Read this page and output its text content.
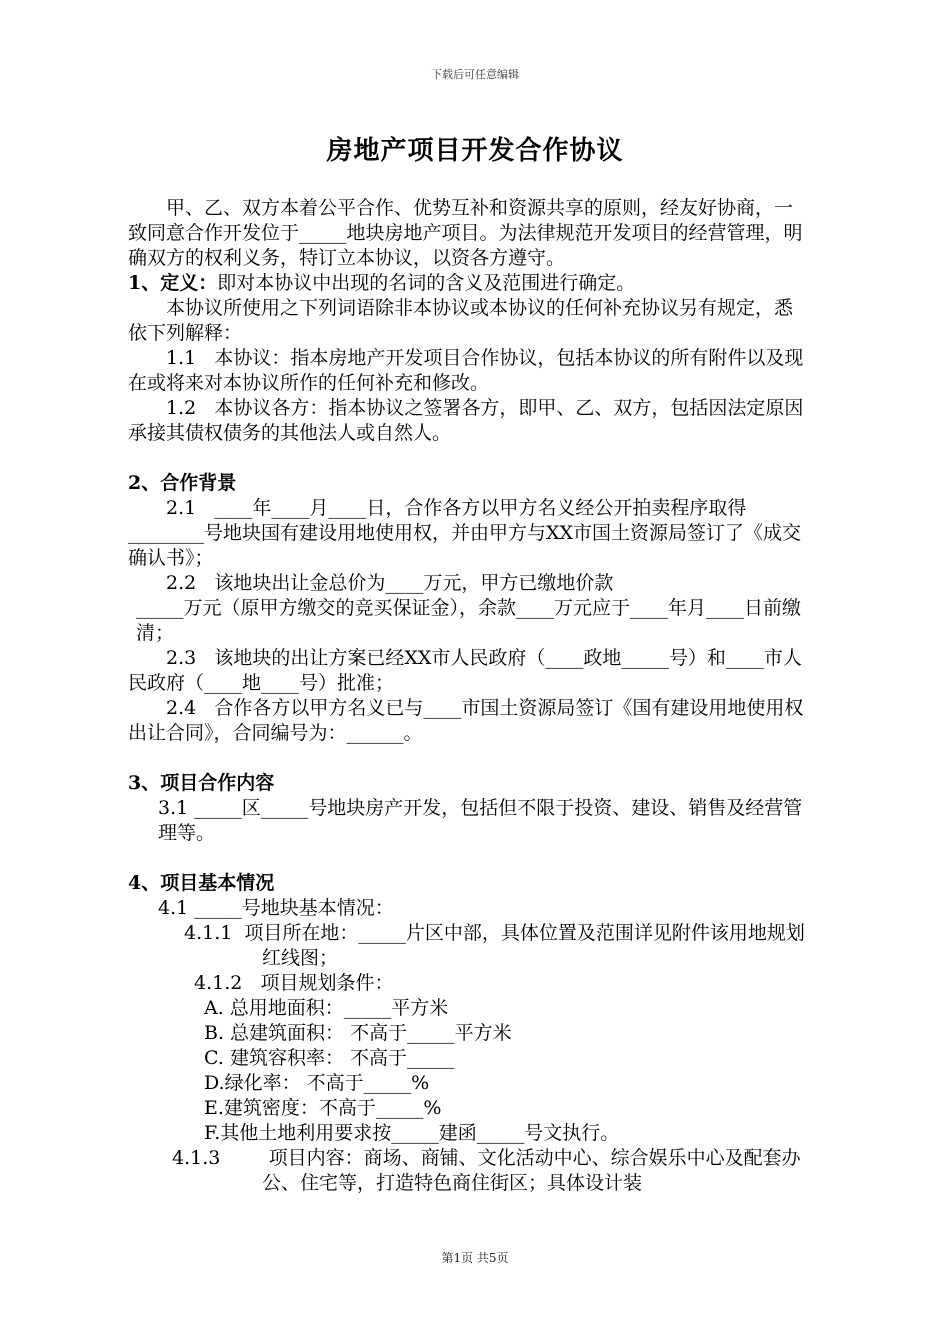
下载后可任意编辑
房地产项目开发合作协议

甲、乙、双方本着公平合作、优势互补和资源共享的原则，经友好协商，一致同意合作开发位于_____地块房地产项目。为法律规范开发项目的经营管理，明确双方的权利义务，特订立本协议，以资各方遵守。

1、定义：即对本协议中出现的名词的含义及范围进行确定。

本协议所使用之下列词语除非本协议或本协议的任何补充协议另有规定，悉依下列解释：

1.1   本协议：指本房地产开发项目合作协议，包括本协议的所有附件以及现在或将来对本协议所作的任何补充和修改。

1.2   本协议各方：指本协议之签署各方，即甲、乙、双方，包括因法定原因承接其债权债务的其他法人或自然人。

2、合作背景

2.1   ____年____月____日，合作各方以甲方名义经公开拍卖程序取得 ________号地块国有建设用地使用权，并由甲方与XX市国土资源局签订了《成交确认书》；

2.2   该地块出让金总价为____万元，甲方已缴地价款

_____万元（原甲方缴交的竞买保证金），余款____万元应于____年月____日前缴清；

2.3   该地块的出让方案已经XX市人民政府（____政地_____号）和____市人民政府（____地____号）批准；

2.4   合作各方以甲方名义已与____市国土资源局签订《国有建设用地使用权出让合同》，合同编号为：______。

3、项目合作内容

3.1 _____区_____号地块房产开发，包括但不限于投资、建设、销售及经营管理等。

4、项目基本情况

4.1 _____号地块基本情况：

4.1.1  项目所在地：_____片区中部，具体位置及范围详见附件该用地规划红线图；

4.1.2   项目规划条件：

A. 总用地面积：_____平方米

B. 总建筑面积： 不高于_____平方米

C. 建筑容积率： 不高于_____

D.绿化率： 不高于_____%

E.建筑密度：不高于_____%

F.其他土地利用要求按_____建函_____号文执行。

4.1.3        项目内容：商场、商铺、文化活动中心、综合娱乐中心及配套办公、住宅等，打造特色商住街区；具体设计装

第1页 共5页
